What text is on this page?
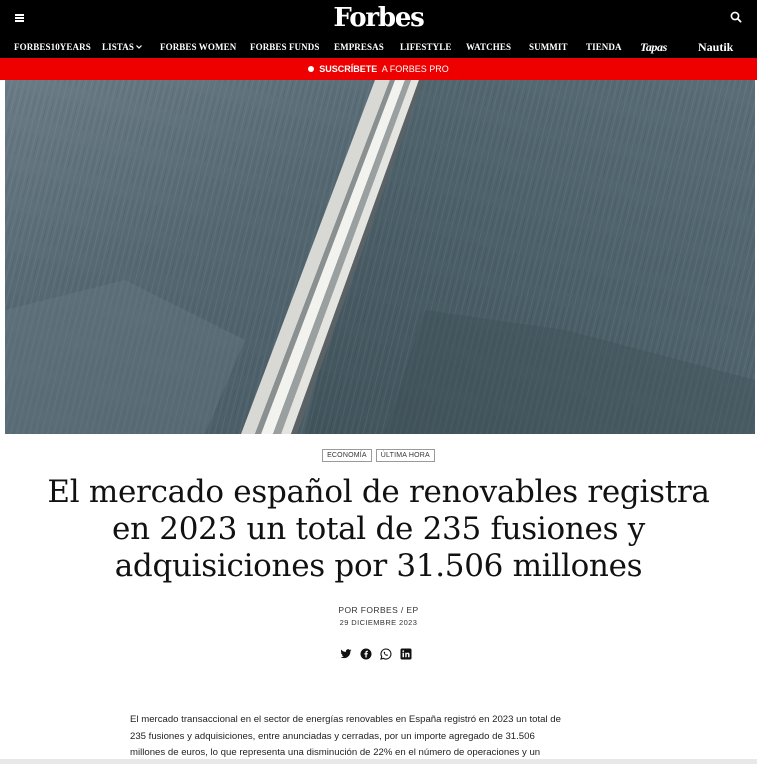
Forbes
FORBES10YEARS LISTAS	FORBES WOMEN FORBES FUNDS EMPRESAS LIFESTYLE WATCHES SUMMIT TIENDA Tapas	Nautik
SUSCRÍBETE A FORBES PRO
ECONOMÍA ÚLTIMA HORA
El mercado español de renovables registra
en 2023 un total de 235 fusiones y
adquisiciones por 31.506 millones
POR FORBES / EP
29 DICIEMBRE 2023
El mercado transaccional en el sector de energías renovables en España registró en 2023 un total de
235 fusiones y adquisiciones, entre anunciadas y cerradas, por un importe agregado de 31.506
millones de euros, lo que representa una disminución de 22% en el número de operaciones y un
